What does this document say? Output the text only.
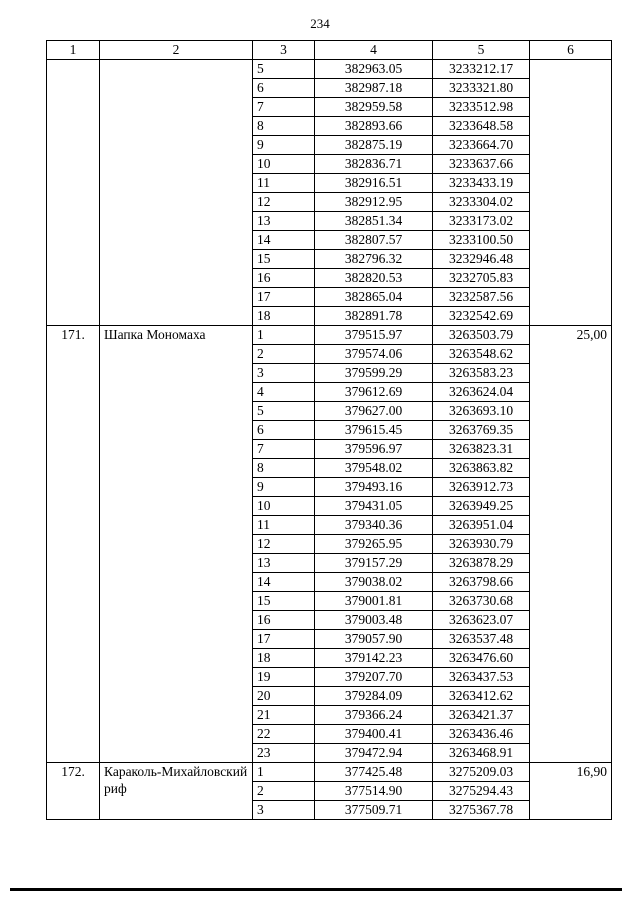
234
1	2	3	4	5	6
		5	382963.05	3233212.17	
		6	382987.18	3233321.80	
		7	382959.58	3233512.98	
		8	382893.66	3233648.58	
		9	382875.19	3233664.70	
		10	382836.71	3233637.66	
		11	382916.51	3233433.19	
		12	382912.95	3233304.02	
		13	382851.34	3233173.02	
		14	382807.57	3233100.50	
		15	382796.32	3232946.48	
		16	382820.53	3232705.83	
		17	382865.04	3232587.56	
		18	382891.78	3232542.69	
171.	Шапка Мономаха	1	379515.97	3263503.79	25,00
		2	379574.06	3263548.62	
		3	379599.29	3263583.23	
		4	379612.69	3263624.04	
		5	379627.00	3263693.10	
		6	379615.45	3263769.35	
		7	379596.97	3263823.31	
		8	379548.02	3263863.82	
		9	379493.16	3263912.73	
		10	379431.05	3263949.25	
		11	379340.36	3263951.04	
		12	379265.95	3263930.79	
		13	379157.29	3263878.29	
		14	379038.02	3263798.66	
		15	379001.81	3263730.68	
		16	379003.48	3263623.07	
		17	379057.90	3263537.48	
		18	379142.23	3263476.60	
		19	379207.70	3263437.53	
		20	379284.09	3263412.62	
		21	379366.24	3263421.37	
		22	379400.41	3263436.46	
		23	379472.94	3263468.91	
172.	Караколь-Михайловский риф	1	377425.48	3275209.03	16,90
		2	377514.90	3275294.43	
		3	377509.71	3275367.78	
